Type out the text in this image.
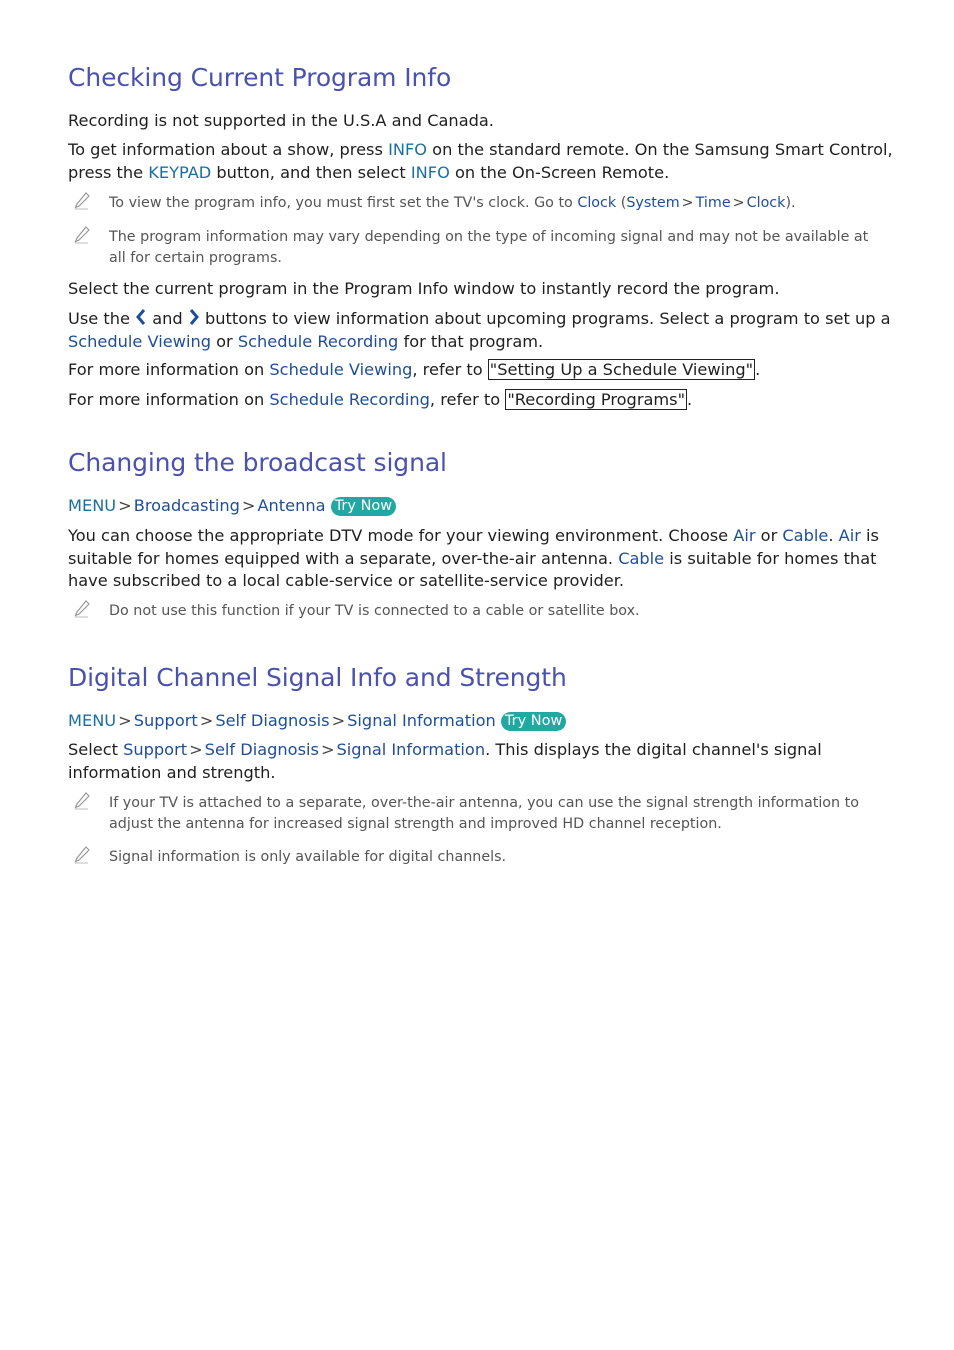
Checking Current Program Info

Recording is not supported in the U.S.A and Canada.

To get information about a show, press INFO on the standard remote. On the Samsung Smart Control,
press the KEYPAD button, and then select INFO on the On-Screen Remote.

To view the program info, you must first set the TV's clock. Go to Clock (System > Time > Clock).

The program information may vary depending on the type of incoming signal and may not be available at
all for certain programs.

Select the current program in the Program Info window to instantly record the program.

Use the  and  buttons to view information about upcoming programs. Select a program to set up a
Schedule Viewing or Schedule Recording for that program.

For more information on Schedule Viewing, refer to "Setting Up a Schedule Viewing" .

For more information on Schedule Recording, refer to "Recording Programs" .

Changing the broadcast signal

MENU > Broadcasting > Antenna Try Now

You can choose the appropriate DTV mode for your viewing environment. Choose Air or Cable. Air is
suitable for homes equipped with a separate, over-the-air antenna. Cable is suitable for homes that
have subscribed to a local cable-service or satellite-service provider.

Do not use this function if your TV is connected to a cable or satellite box.

Digital Channel Signal Info and Strength

MENU > Support > Self Diagnosis > Signal Information Try Now

Select Support > Self Diagnosis > Signal Information. This displays the digital channel's signal
information and strength.

If your TV is attached to a separate, over-the-air antenna, you can use the signal strength information to
adjust the antenna for increased signal strength and improved HD channel reception.

Signal information is only available for digital channels.
